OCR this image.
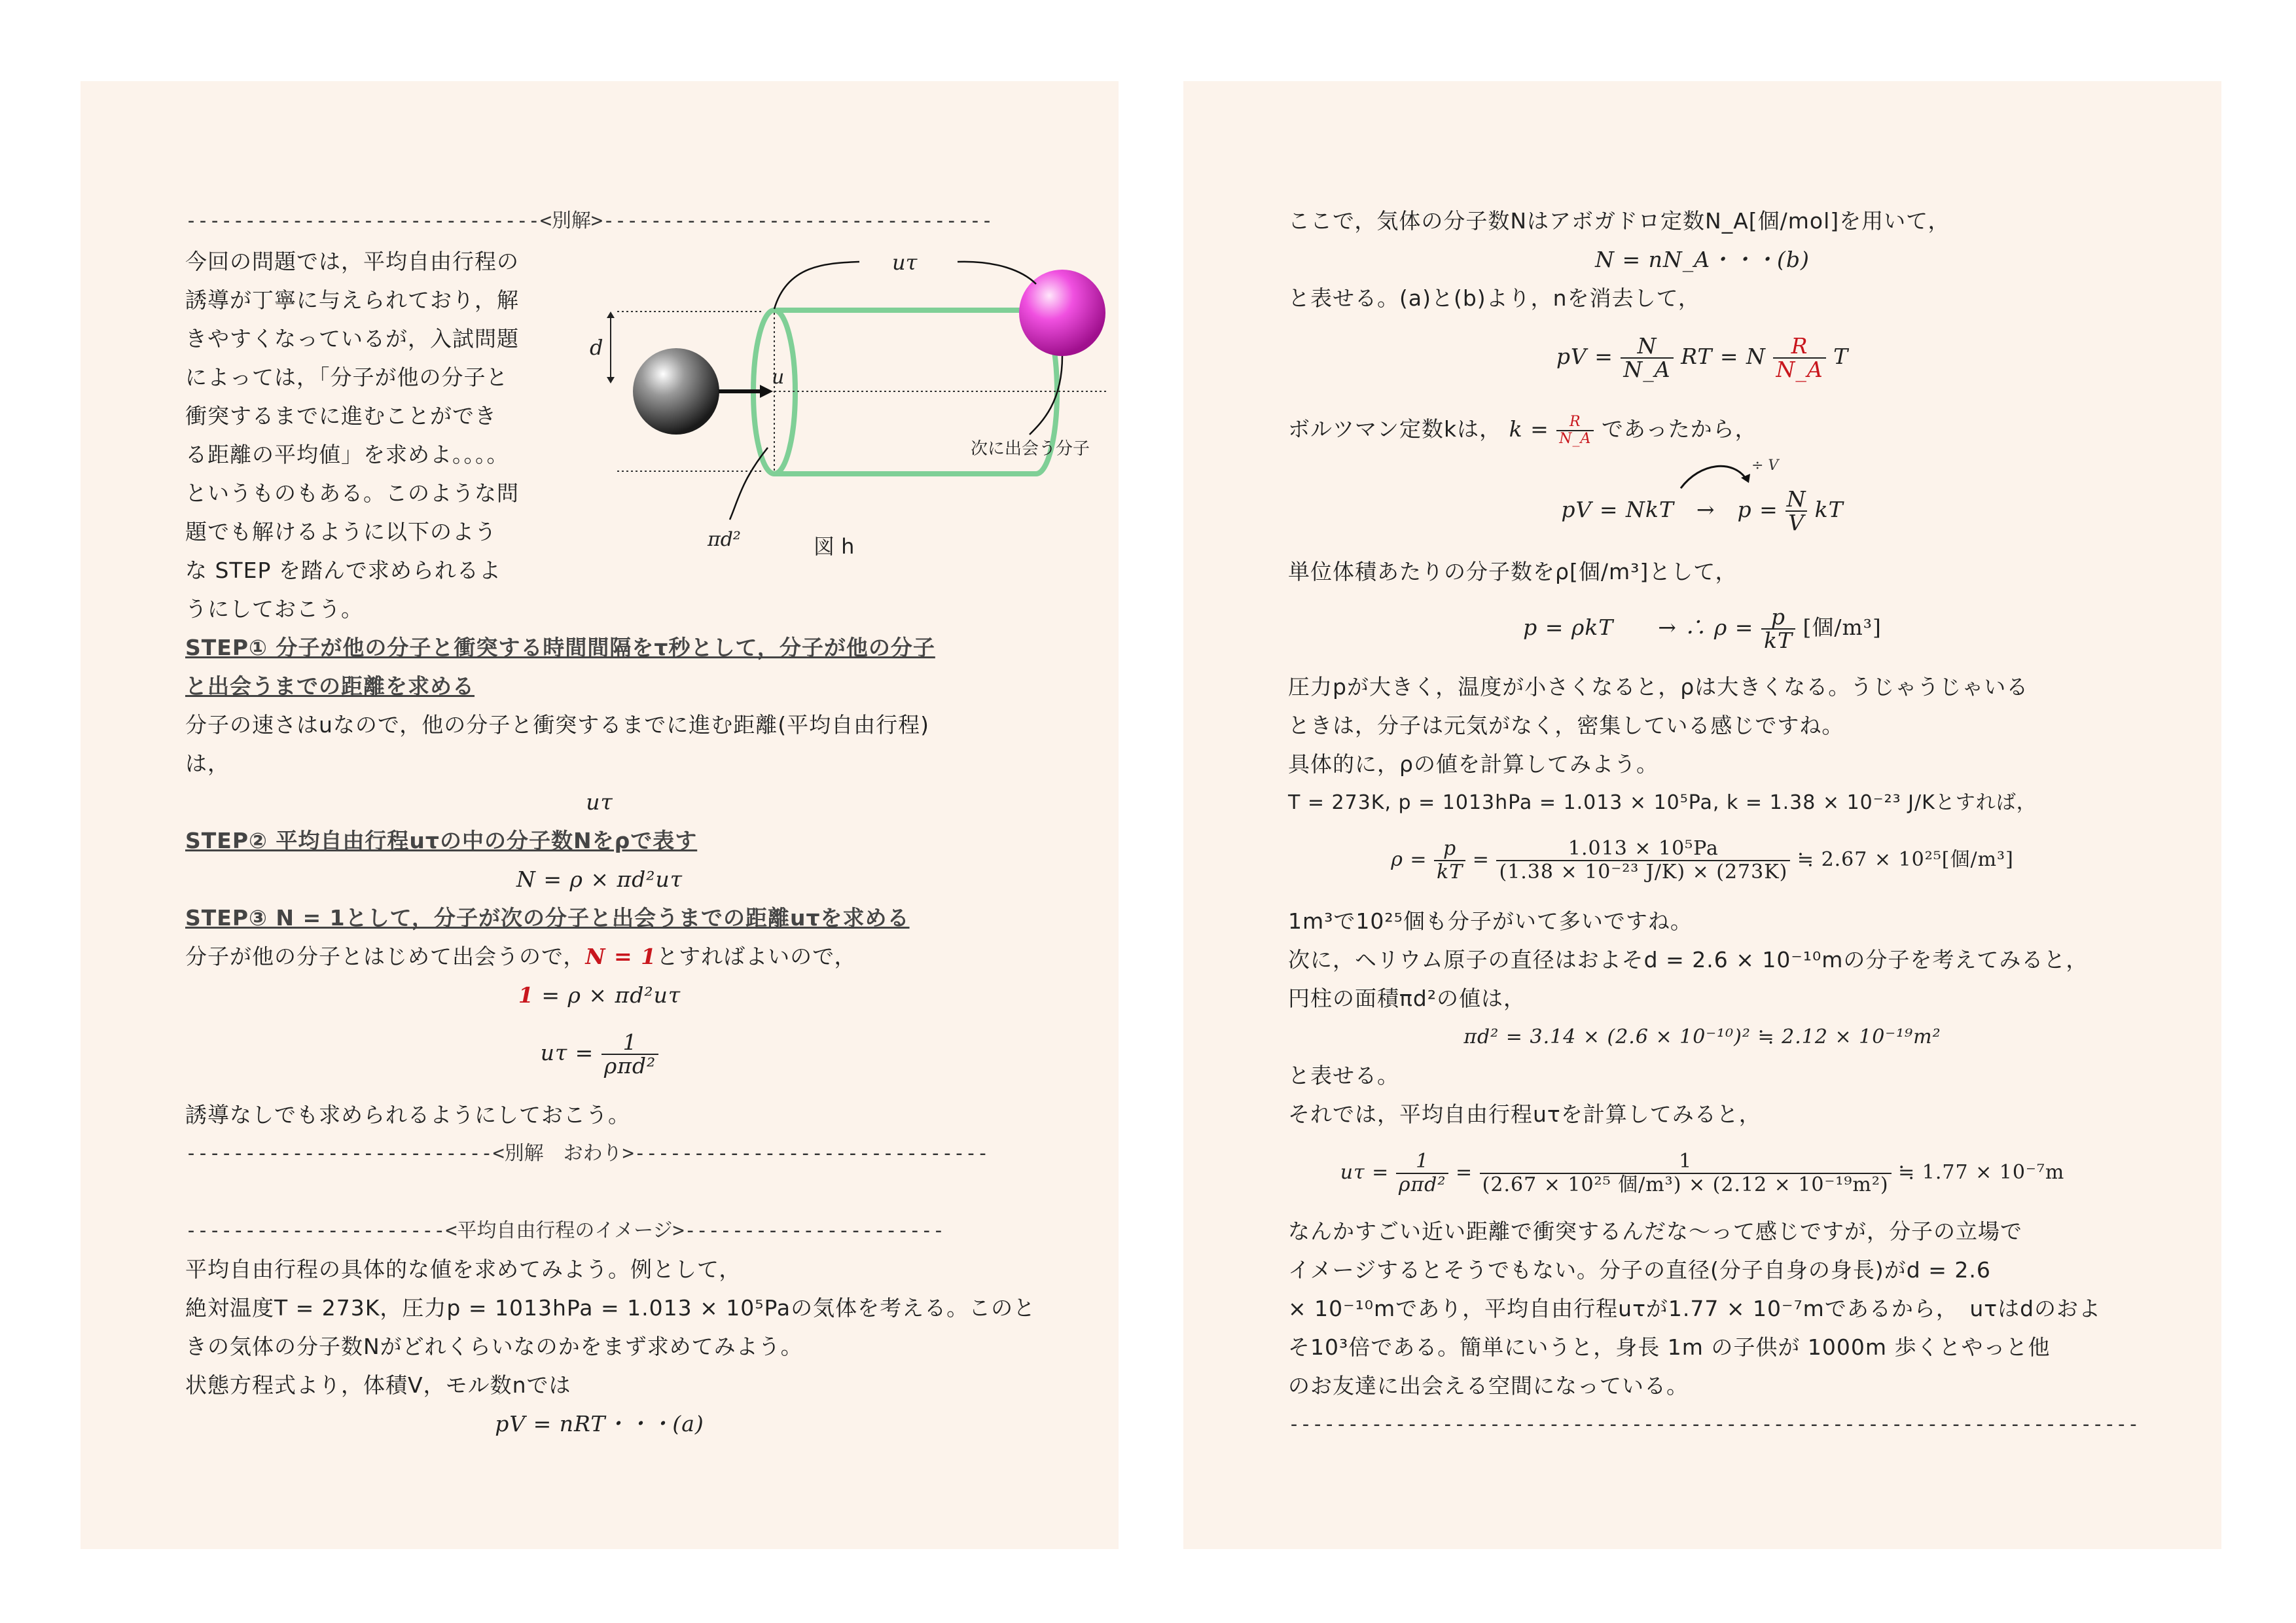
------------------------------<別解>---------------------------------
今回の問題では，平均自由行程の
誘導が丁寧に与えられており，解
きやすくなっているが，入試問題
によっては，「分子が他の分子と
衝突するまでに進むことができ
る距離の平均値」を求めよ。。。。
というものもある。このような問
題でも解けるように以下のよう
な STEP を踏んで求められるよ
うにしておこう。
d
u
uτ
次に出会う分子
πd²	図 h
STEP① 分子が他の分子と衝突する時間間隔をτ秒として，分子が他の分子
と出会うまでの距離を求める
分子の速さはuなので，他の分子と衝突するまでに進む距離(平均自由行程)
は，
uτ
STEP② 平均自由行程uτの中の分子数Nをρで表す
N = ρ × πd²uτ
STEP③ N = 1として，分子が次の分子と出会うまでの距離uτを求める
分子が他の分子とはじめて出会うので，N = 1とすればよいので，
1 = ρ × πd²uτ
$u\tau = \frac{1}{\text{ρπd²}}$
誘導なしでも求められるようにしておこう。
--------------------------<別解　おわり>------------------------------
----------------------<平均自由行程のイメージ>----------------------
平均自由行程の具体的な値を求めてみよう。例として，
絶対温度T = 273K，圧力p = 1013hPa = 1.013 × 10⁵Paの気体を考える。このと
きの気体の分子数Nがどれくらいなのかをまず求めてみよう。
状態方程式より，体積V，モル数nでは
pV = nRT・・・(a)
ここで，気体の分子数Nはアボガドロ定数N_A[個/mol]を用いて，
N = nN_A・・・(b)
と表せる。(a)と(b)より，nを消去して，
pV = $\frac{N}{N\_A}$ RT = N $\frac{R}{N\_A}$ T
ボルツマン定数kは， $k = \frac{R}{N\_A}$ であったから，
÷ V
pV = NkT　→　$p = \frac{N}{V}$ kT
単位体積あたりの分子数をρ[個/m³]として，
p = ρkT　　→ ∴ $\rho = \frac{p}{kT}$ [個/m³]
圧力pが大きく，温度が小さくなると，ρは大きくなる。うじゃうじゃいる
ときは，分子は元気がなく，密集している感じですね。
具体的に，ρの値を計算してみよう。
T = 273K, p = 1013hPa = 1.013 × 10⁵Pa, k = 1.38 × 10⁻²³ J/Kとすれば，
$\rho = \frac{p}{kT} = \frac{\text{1.013 × 10⁵Pa}}{\text{(1.38 × 10⁻²³ J/K) × (273K)}}$ ≒ 2.67 × 10²⁵[個/m³]
1m³で10²⁵個も分子がいて多いですね。
次に，ヘリウム原子の直径はおよそd = 2.6 × 10⁻¹⁰mの分子を考えてみると，
円柱の面積πd²の値は，
πd² = 3.14 × (2.6 × 10⁻¹⁰)² ≒ 2.12 × 10⁻¹⁹m²
と表せる。
それでは，平均自由行程uτを計算してみると，
$u\tau = \frac{1}{\text{ρπd²}} = \frac{1}{\text{(2.67 × 10²⁵ 個/m³) × (2.12 × 10⁻¹⁹m²)}}$ ≒ 1.77 × 10⁻⁷m
なんかすごい近い距離で衝突するんだな～って感じですが，分子の立場で
イメージするとそうでもない。分子の直径(分子自身の身長)がd = 2.6
× 10⁻¹⁰mであり，平均自由行程uτが1.77 × 10⁻⁷mであるから，　uτはdのおよ
そ10³倍である。簡単にいうと，身長 1m の子供が 1000m 歩くとやっと他
のお友達に出会える空間になっている。
------------------------------------------------------------------------
